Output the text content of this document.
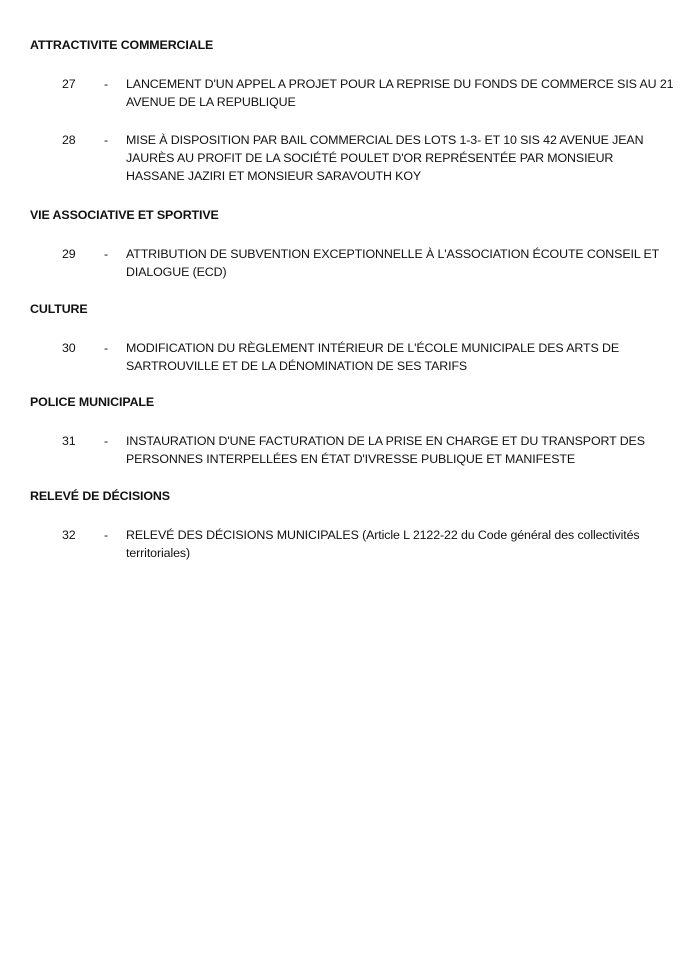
ATTRACTIVITE COMMERCIALE
27 - LANCEMENT D'UN APPEL A PROJET POUR LA REPRISE DU FONDS DE COMMERCE SIS AU 21 AVENUE DE LA REPUBLIQUE
28 - MISE À DISPOSITION PAR BAIL COMMERCIAL DES LOTS 1-3- ET 10 SIS 42 AVENUE JEAN JAURÈS AU PROFIT DE LA SOCIÉTÉ POULET D'OR REPRÉSENTÉE PAR MONSIEUR HASSANE JAZIRI ET MONSIEUR SARAVOUTH KOY
VIE ASSOCIATIVE ET SPORTIVE
29 - ATTRIBUTION DE SUBVENTION EXCEPTIONNELLE À L'ASSOCIATION ÉCOUTE CONSEIL ET DIALOGUE (ECD)
CULTURE
30 - MODIFICATION DU RÈGLEMENT INTÉRIEUR DE L'ÉCOLE MUNICIPALE DES ARTS DE SARTROUVILLE ET DE LA DÉNOMINATION DE SES TARIFS
POLICE MUNICIPALE
31 - INSTAURATION D'UNE FACTURATION DE LA PRISE EN CHARGE ET DU TRANSPORT DES PERSONNES INTERPELLÉES EN ÉTAT D'IVRESSE PUBLIQUE ET MANIFESTE
RELEVÉ DE DÉCISIONS
32 - RELEVÉ DES DÉCISIONS MUNICIPALES (Article L 2122-22 du Code général des collectivités territoriales)
